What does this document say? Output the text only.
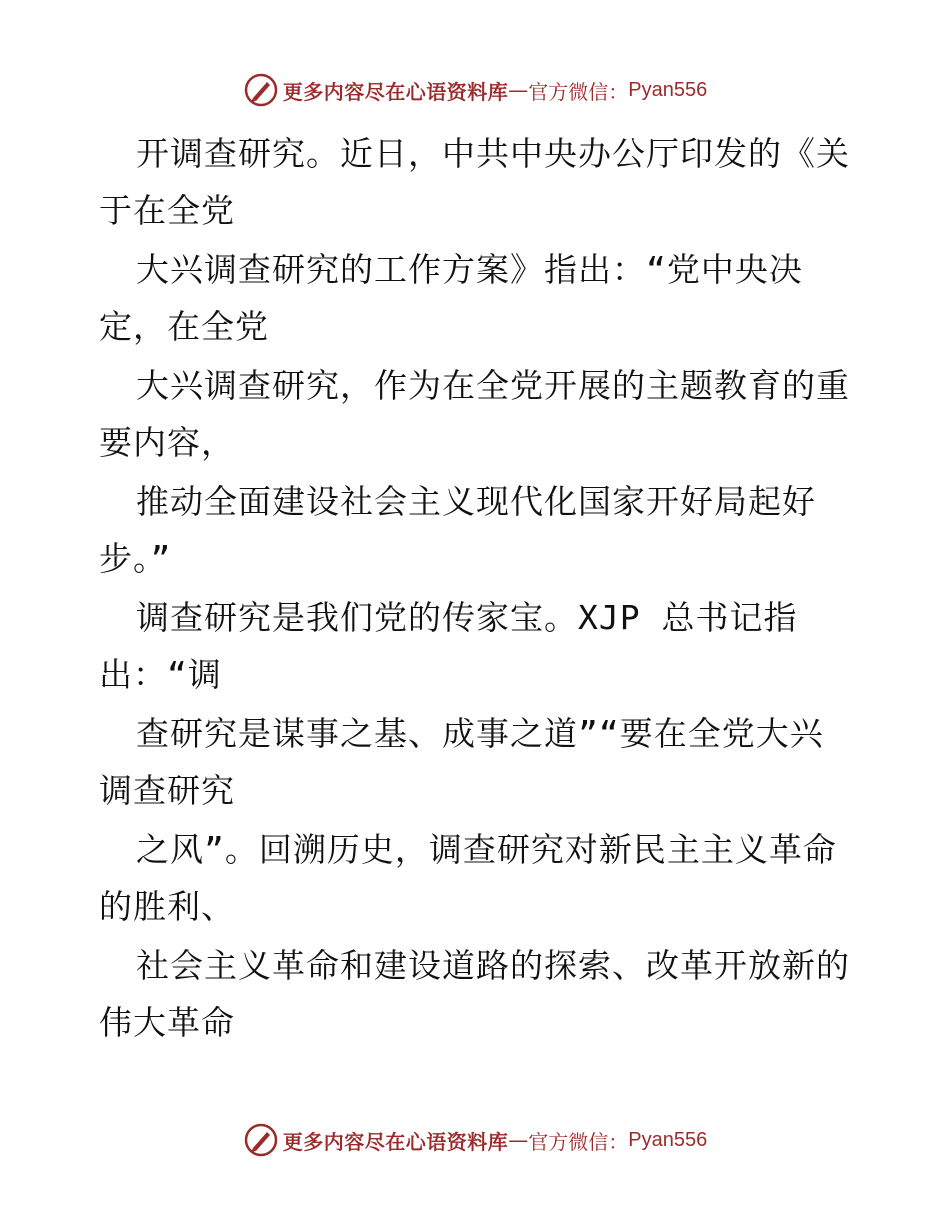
更多内容尽在心语资料库 — 官方微信： Pyan556
开调查研究。近日，中共中央办公厅印发的《关
于在全党
大兴调查研究的工作方案》指出：“党中央决
定，在全党
大兴调查研究，作为在全党开展的主题教育的重
要内容，
推动全面建设社会主义现代化国家开好局起好
步。”
调查研究是我们党的传家宝。XJP 总书记指
出：“调
查研究是谋事之基、成事之道”“要在全党大兴
调查研究
之风”。回溯历史，调查研究对新民主主义革命
的胜利、
社会主义革命和建设道路的探索、改革开放新的
伟大革命
更多内容尽在心语资料库 — 官方微信： Pyan556
